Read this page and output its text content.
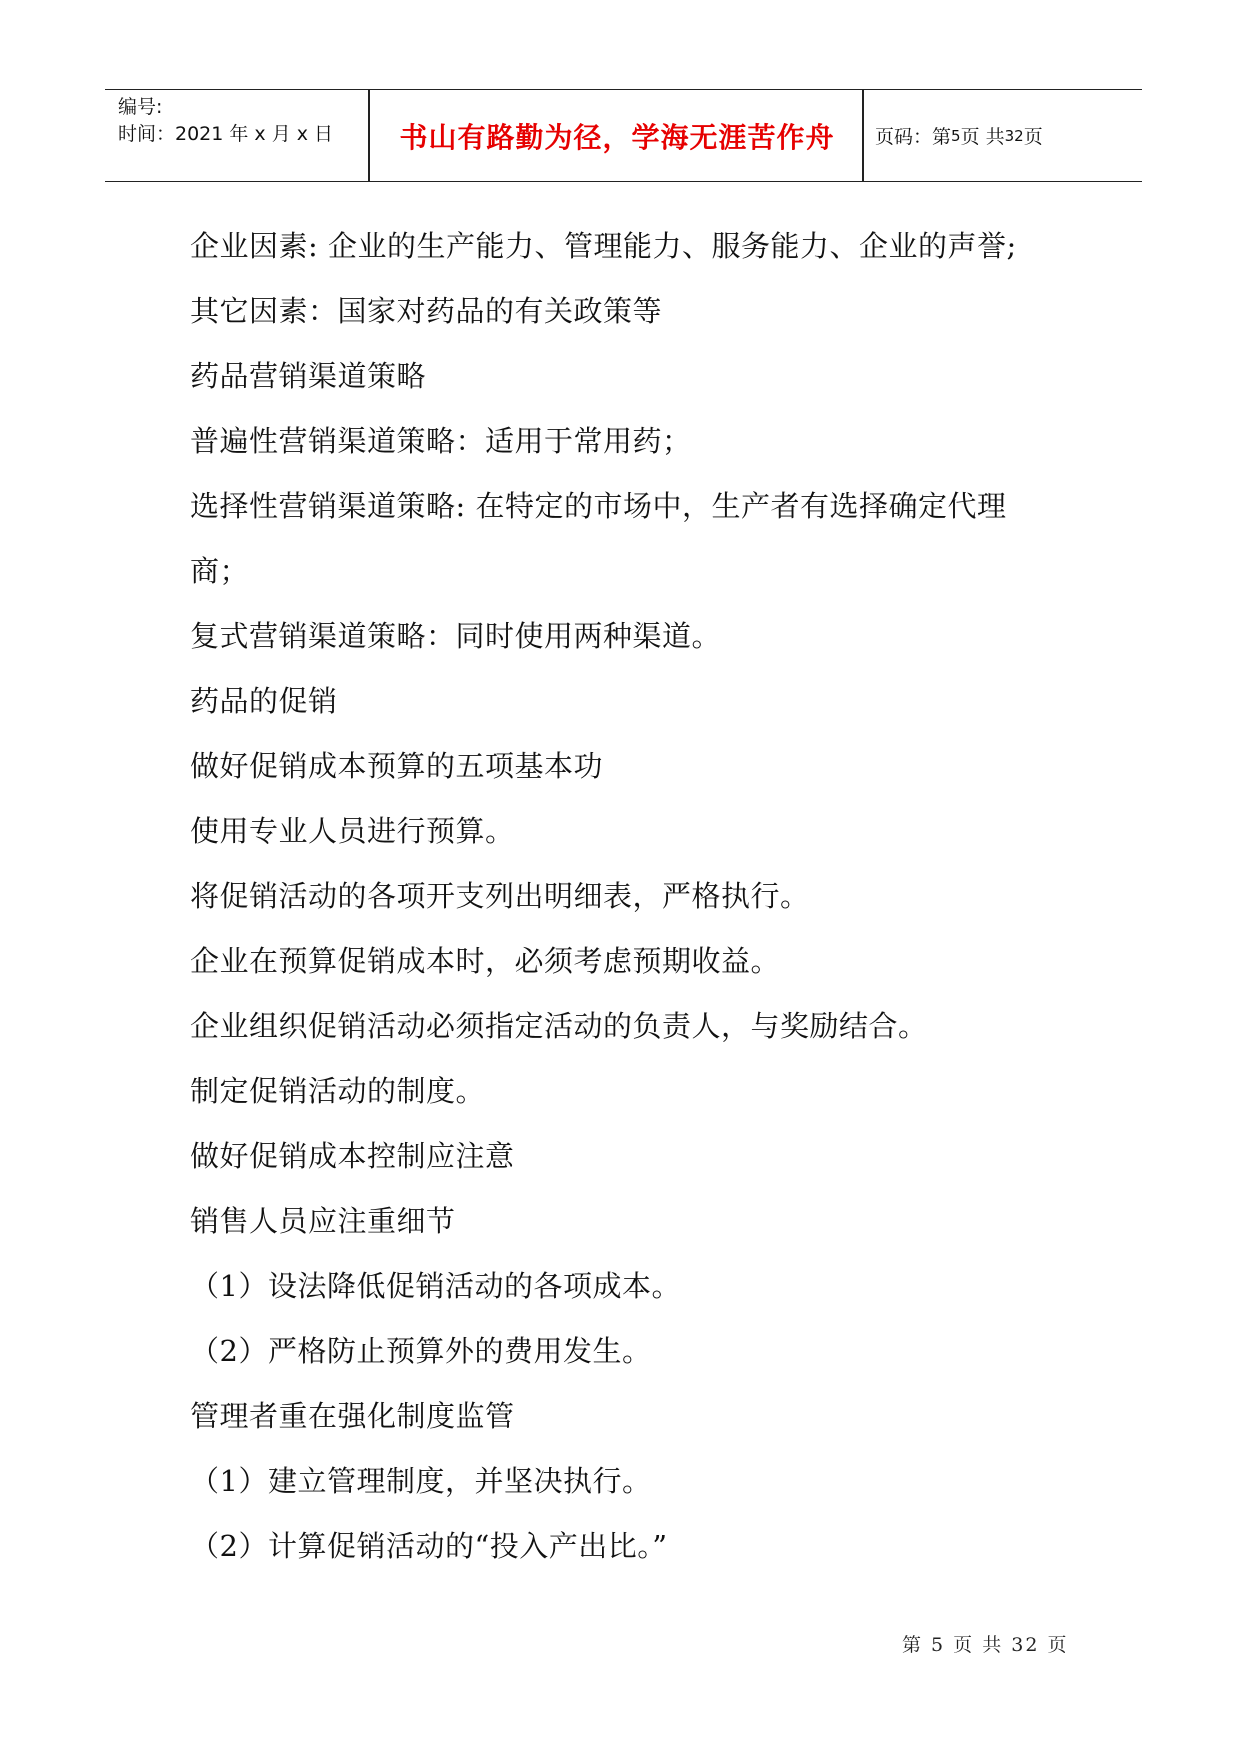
编号:
时间：2021 年 x 月 x 日	书山有路勤为径，学海无涯苦作舟	页码：第 5 页 共 32 页
企业因素: 企业的生产能力、管理能力、服务能力、企业的声誉;
其它因素：国家对药品的有关政策等
药品营销渠道策略
普遍性营销渠道策略：适用于常用药；
选择性营销渠道策略: 在特定的市场中，生产者有选择确定代理
商；
复式营销渠道策略：同时使用两种渠道。
药品的促销
做好促销成本预算的五项基本功
使用专业人员进行预算。
将促销活动的各项开支列出明细表，严格执行。
企业在预算促销成本时，必须考虑预期收益。
企业组织促销活动必须指定活动的负责人，与奖励结合。
制定促销活动的制度。
做好促销成本控制应注意
销售人员应注重细节
（1）设法降低促销活动的各项成本。
（2）严格防止预算外的费用发生。
管理者重在强化制度监管
（1）建立管理制度，并坚决执行。
（2）计算促销活动的“投入产出比。”
第 5 页 共 32 页
